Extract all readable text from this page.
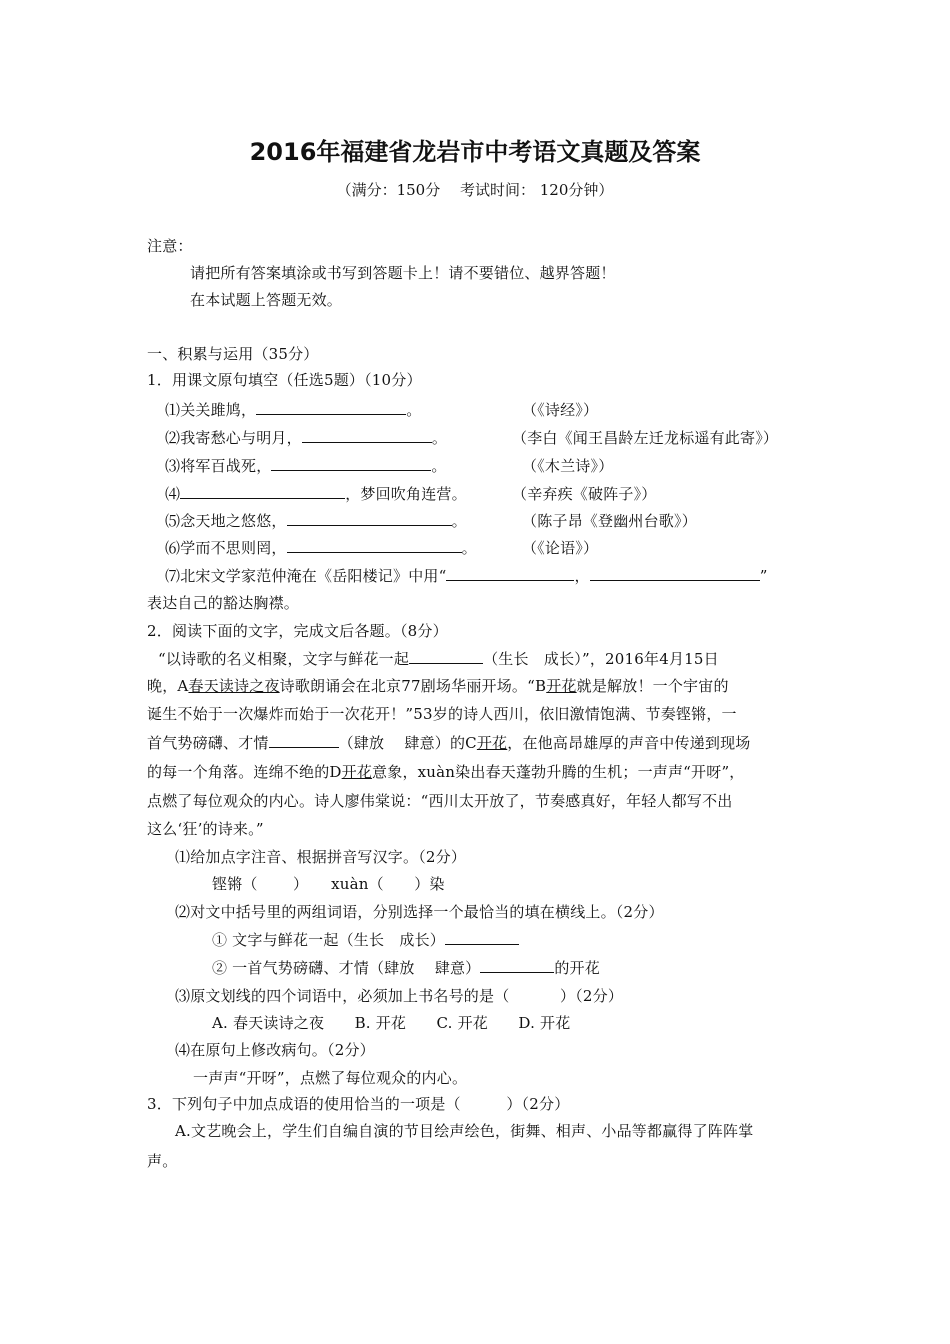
2016年福建省龙岩市中考语文真题及答案
（满分：150分　 考试时间： 120分钟）
注意：
请把所有答案填涂或书写到答题卡上！请不要错位、越界答题！
在本试题上答题无效。
一、积累与运用（35分）
1．用课文原句填空（任选5题）（10分）
⑴关关雎鸠，	。	（《诗经》）
⑵我寄愁心与明月，	。	（李白《闻王昌龄左迁龙标遥有此寄》）
⑶将军百战死，	。	（《木兰诗》）
⑷	，梦回吹角连营。	（辛弃疾《破阵子》）
⑸念天地之悠悠，	。	（陈子昂《登幽州台歌》）
⑹学而不思则罔，	。	（《论语》）
⑺北宋文学家范仲淹在《岳阳楼记》中用“	，	”
表达自己的豁达胸襟。
2．阅读下面的文字，完成文后各题。（8分）
“以诗歌的名义相聚，文字与鲜花一起	（生长　成长）”，2016年4月15日
晚，A春天读诗之夜诗歌朗诵会在北京77剧场华丽开场。“B开花就是解放！一个宇宙的
诞生不始于一次爆炸而始于一次花开！”53岁的诗人西川，依旧激情饱满、节奏铿锵，一
首气势磅礴、才情	（肆放　 肆意）的C开花，在他高昂雄厚的声音中传递到现场
的每一个角落。连绵不绝的D开花意象，xuàn染出春天蓬勃升腾的生机；一声声“开呀”，
点燃了每位观众的内心。诗人廖伟棠说：“西川太开放了，节奏感真好，年轻人都写不出
这么‘狂’的诗来。”
⑴给加点字注音、根据拼音写汉字。（2分）
铿锵（　　 ）　　xuàn（　　）染
⑵对文中括号里的两组词语，分别选择一个最恰当的填在横线上。（2分）
① 文字与鲜花一起（生长　成长）
② 一首气势磅礴、才情（肆放　 肆意）	的开花
⑶原文划线的四个词语中，必须加上书名号的是（　　　 ）（2分）
A. 春天读诗之夜　　B. 开花　　C. 开花　　D. 开花
⑷在原句上修改病句。（2分）
一声声“开呀”，点燃了每位观众的内心。
3．下列句子中加点成语的使用恰当的一项是（　　　）（2分）
A.文艺晚会上，学生们自编自演的节目绘声绘色，街舞、相声、小品等都赢得了阵阵掌
声。
